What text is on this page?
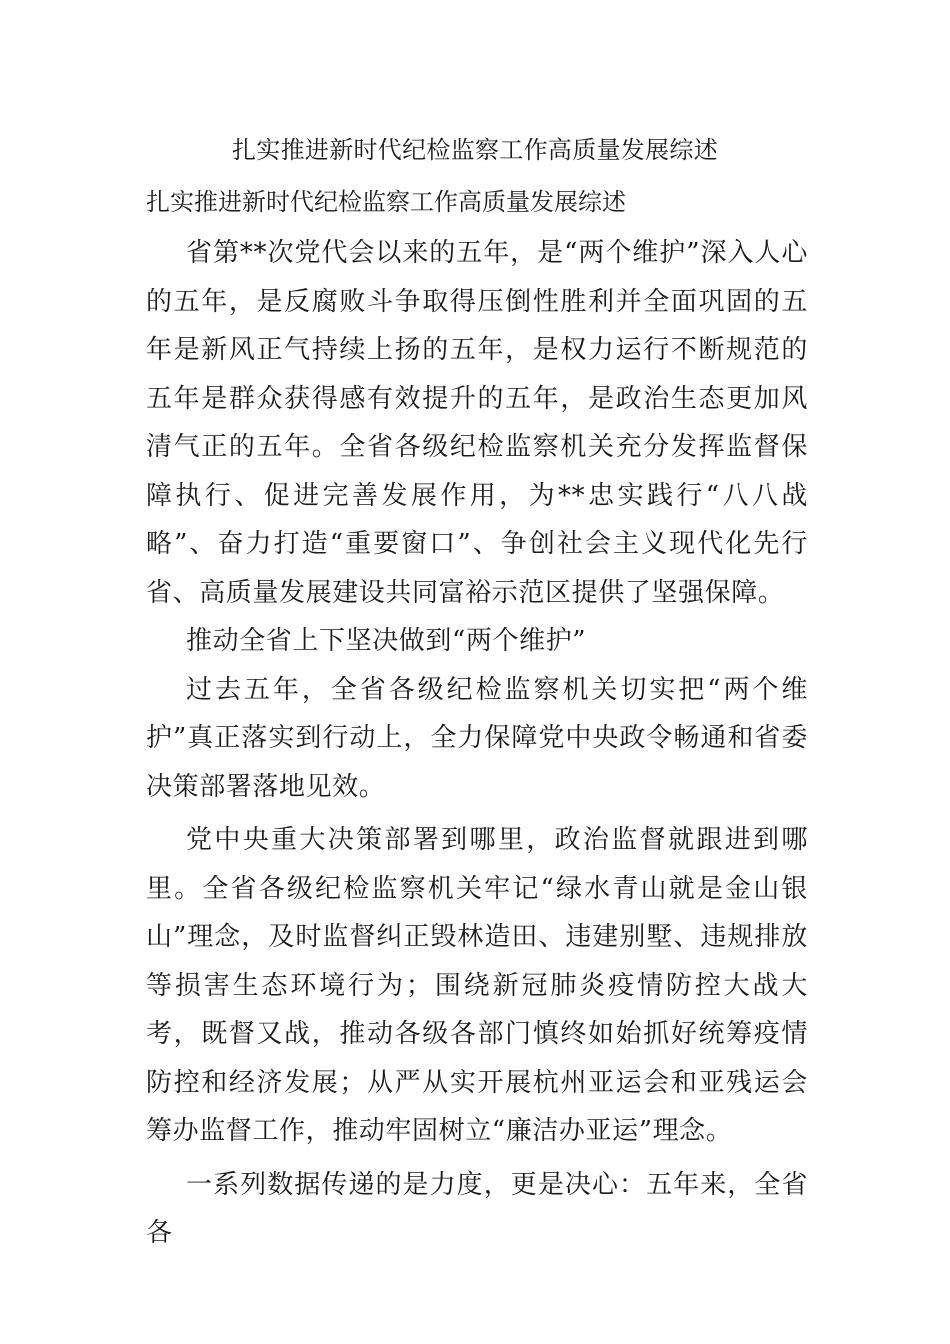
扎实推进新时代纪检监察工作高质量发展综述
扎实推进新时代纪检监察工作高质量发展综述

省第**次党代会以来的五年，是“两个维护”深入人心的五年，是反腐败斗争取得压倒性胜利并全面巩固的五年是新风正气持续上扬的五年，是权力运行不断规范的五年是群众获得感有效提升的五年，是政治生态更加风清气正的五年。全省各级纪检监察机关充分发挥监督保障执行、促进完善发展作用，为**忠实践行“八八战略”、奋力打造“重要窗口”、争创社会主义现代化先行省、高质量发展建设共同富裕示范区提供了坚强保障。

推动全省上下坚决做到“两个维护”

过去五年，全省各级纪检监察机关切实把“两个维护”真正落实到行动上，全力保障党中央政令畅通和省委决策部署落地见效。

党中央重大决策部署到哪里，政治监督就跟进到哪里。全省各级纪检监察机关牢记“绿水青山就是金山银山”理念，及时监督纠正毁林造田、违建别墅、违规排放等损害生态环境行为；围绕新冠肺炎疫情防控大战大考，既督又战，推动各级各部门慎终如始抓好统筹疫情防控和经济发展；从严从实开展杭州亚运会和亚残运会筹办监督工作，推动牢固树立“廉洁办亚运”理念。

一系列数据传递的是力度，更是决心：五年来，全省各
